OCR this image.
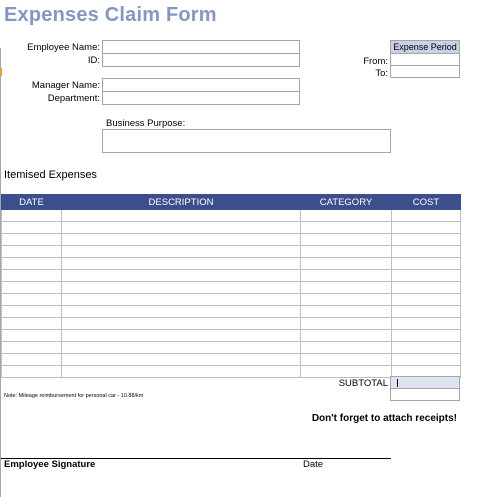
Expenses Claim Form
Employee Name:
ID:
Manager Name:
Department:
Business Purpose:
Expense Period
From:
To:
Itemised Expenses
DATE	DESCRIPTION	CATEGORY	COST

SUBTOTAL
Note: Mileage reimbursement for personal car - 10.88/km
Don't forget to attach receipts!
Employee Signature	Date
